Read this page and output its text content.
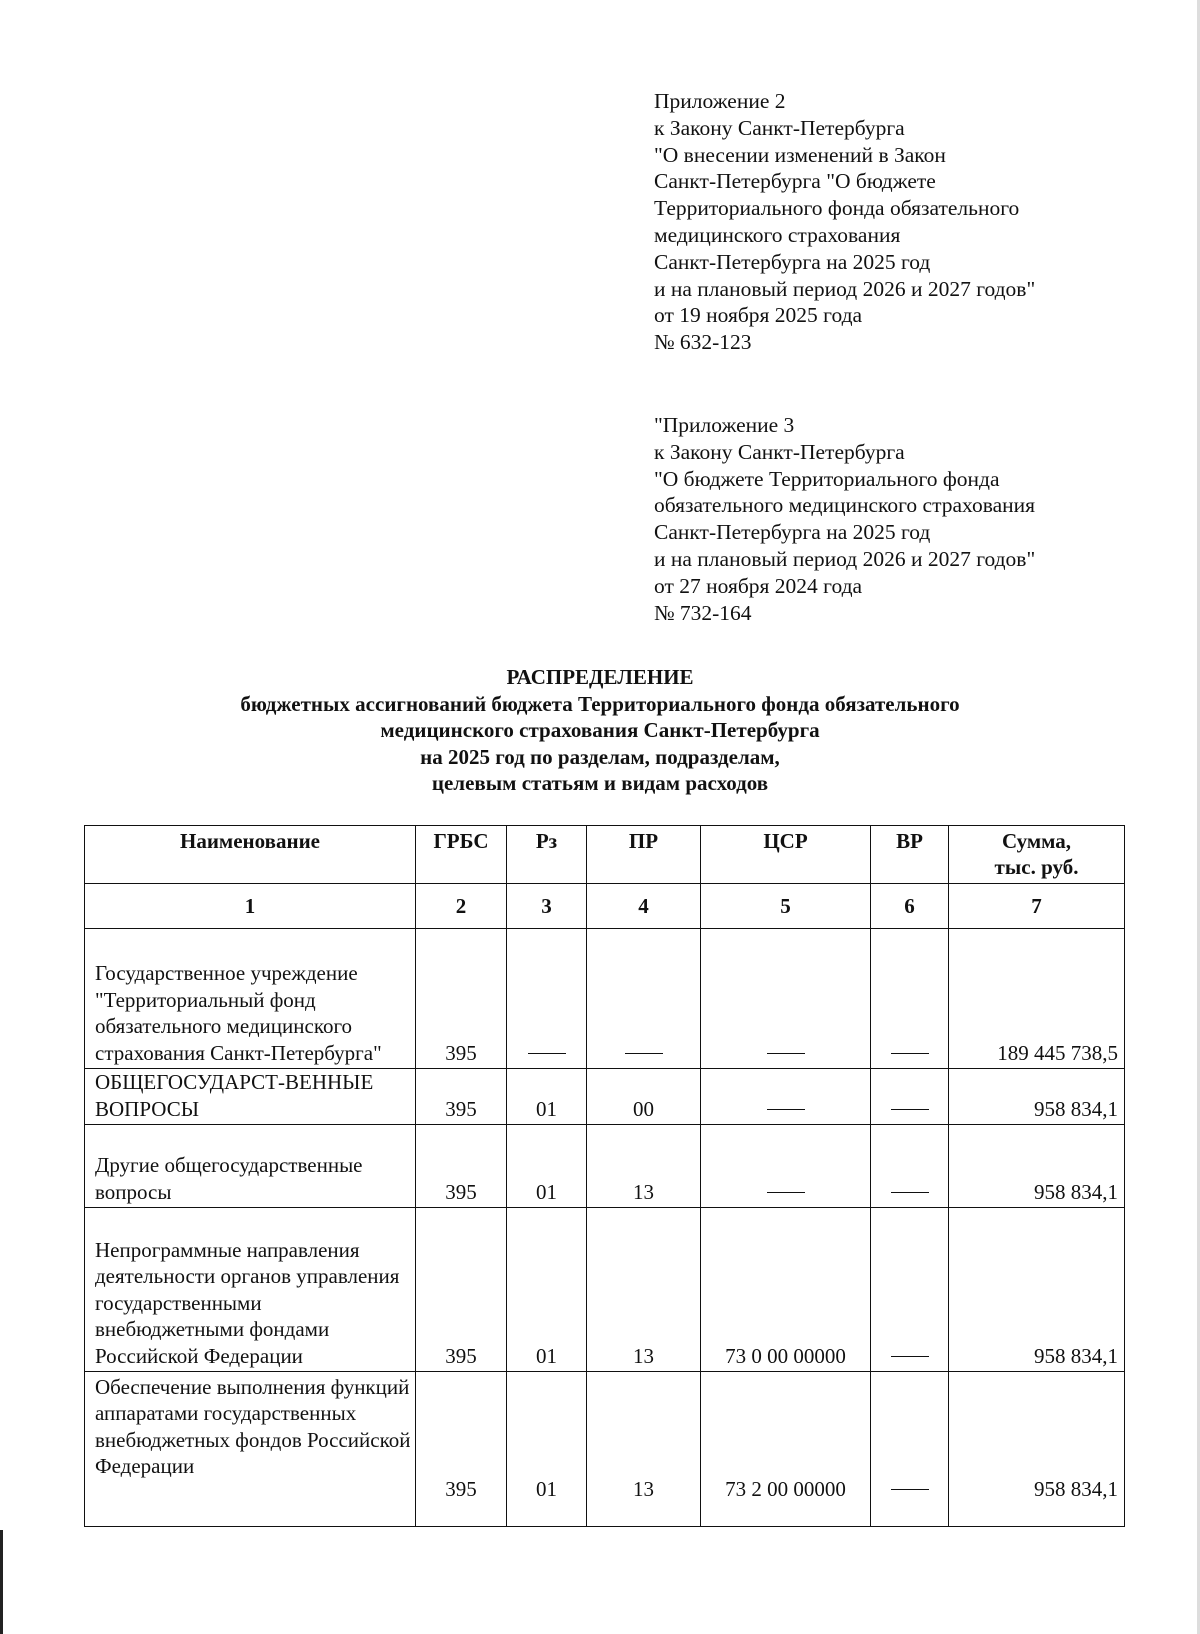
Приложение 2
к Закону Санкт-Петербурга
"О внесении изменений в Закон
Санкт-Петербурга "О бюджете
Территориального фонда обязательного
медицинского страхования
Санкт-Петербурга на 2025 год
и на плановый период 2026 и 2027 годов"
от 19 ноября 2025 года
№ 632-123
"Приложение 3
к Закону Санкт-Петербурга
"О бюджете Территориального фонда
обязательного медицинского страхования
Санкт-Петербурга на 2025 год
и на плановый период 2026 и 2027 годов"
от 27 ноября 2024 года
№ 732-164
РАСПРЕДЕЛЕНИЕ
бюджетных ассигнований бюджета Территориального фонда обязательного
медицинского страхования Санкт-Петербурга
на 2025 год по разделам, подразделам,
целевым статьям и видам расходов
Наименование	ГРБС	Рз	ПР	ЦСР	ВР	Сумма, тыс. руб.
1	2	3	4	5	6	7
Государственное учреждение "Территориальный фонд обязательного медицинского страхования Санкт-Петербурга"	395					189 445 738,5
ОБЩЕГОСУДАРСТ-ВЕННЫЕ ВОПРОСЫ	395	01	00			958 834,1
Другие общегосударственные вопросы	395	01	13			958 834,1
Непрограммные направления деятельности органов управления государственными внебюджетными фондами Российской Федерации	395	01	13	73 0 00 00000		958 834,1
Обеспечение выполнения функций аппаратами государственных внебюджетных фондов Российской Федерации	395	01	13	73 2 00 00000		958 834,1
